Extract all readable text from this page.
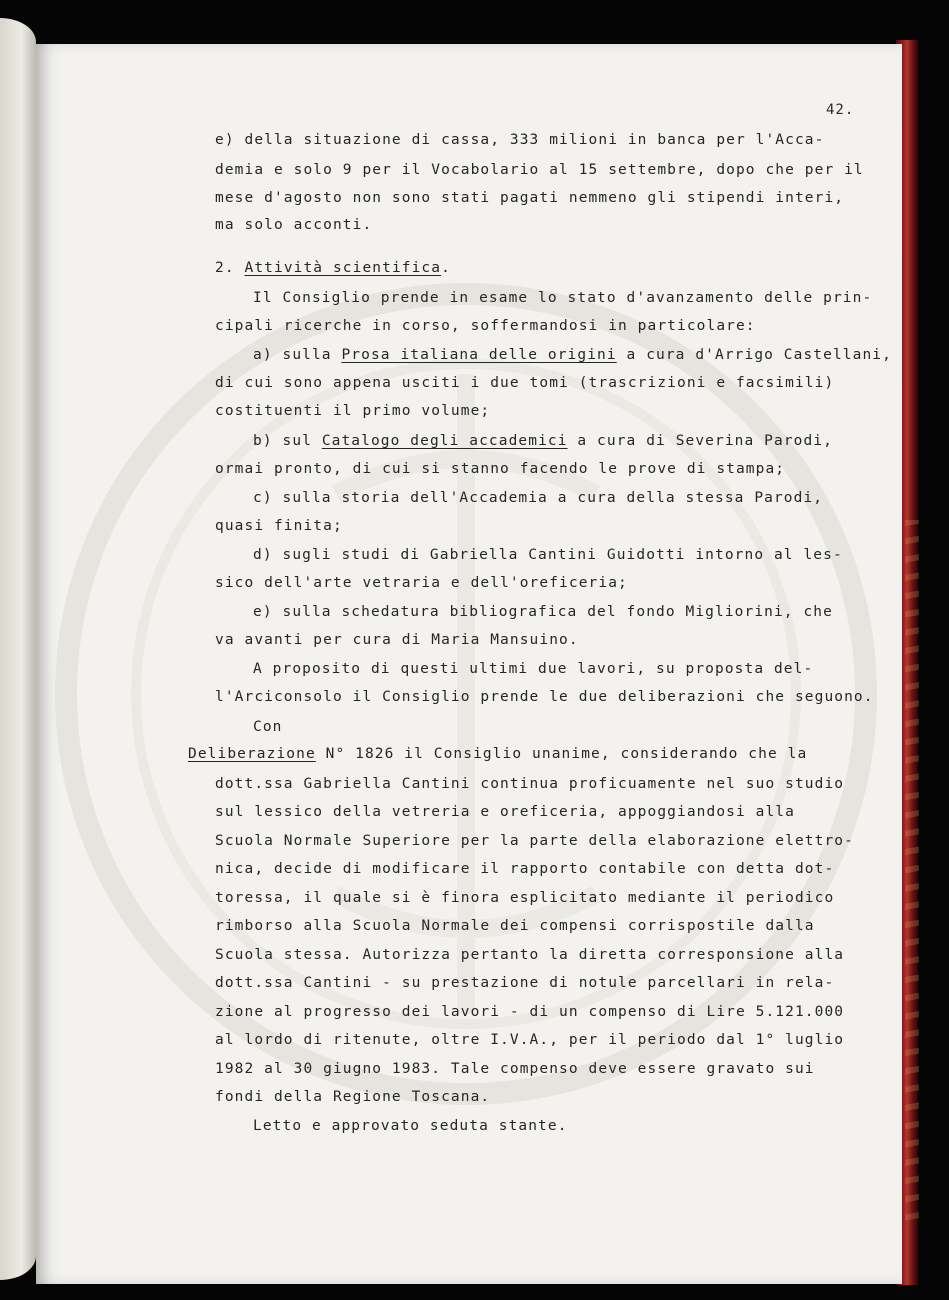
42.

e) della situazione di cassa, 333 milioni in banca per l'Acca-

demia e solo 9 per il Vocabolario al 15 settembre, dopo che per il

mese d'agosto non sono stati pagati nemmeno gli stipendi interi,

ma solo acconti.

2. Attività scientifica.

Il Consiglio prende in esame lo stato d'avanzamento delle prin-

cipali ricerche in corso, soffermandosi in particolare:

a) sulla Prosa italiana delle origini a cura d'Arrigo Castellani,

di cui sono appena usciti i due tomi (trascrizioni e facsimili)

costituenti il primo volume;

b) sul Catalogo degli accademici a cura di Severina Parodi,

ormai pronto, di cui si stanno facendo le prove di stampa;

c) sulla storia dell'Accademia a cura della stessa Parodi,

quasi finita;

d) sugli studi di Gabriella Cantini Guidotti intorno al les-

sico dell'arte vetraria e dell'oreficeria;

e) sulla schedatura bibliografica del fondo Migliorini, che

va avanti per cura di Maria Mansuino.

A proposito di questi ultimi due lavori, su proposta del-

l'Arciconsolo il Consiglio prende le due deliberazioni che seguono.

Con

Deliberazione N° 1826 il Consiglio unanime, considerando che la

dott.ssa Gabriella Cantini continua proficuamente nel suo studio

sul lessico della vetreria e oreficeria, appoggiandosi alla

Scuola Normale Superiore per la parte della elaborazione elettro-

nica, decide di modificare il rapporto contabile con detta dot-

toressa, il quale si è finora esplicitato mediante il periodico

rimborso alla Scuola Normale dei compensi corrispostile dalla

Scuola stessa. Autorizza pertanto la diretta corresponsione alla

dott.ssa Cantini - su prestazione di notule parcellari in rela-

zione al progresso dei lavori - di un compenso di Lire 5.121.000

al lordo di ritenute, oltre I.V.A., per il periodo dal 1° luglio

1982 al 30 giugno 1983. Tale compenso deve essere gravato sui

fondi della Regione Toscana.

Letto e approvato seduta stante.
